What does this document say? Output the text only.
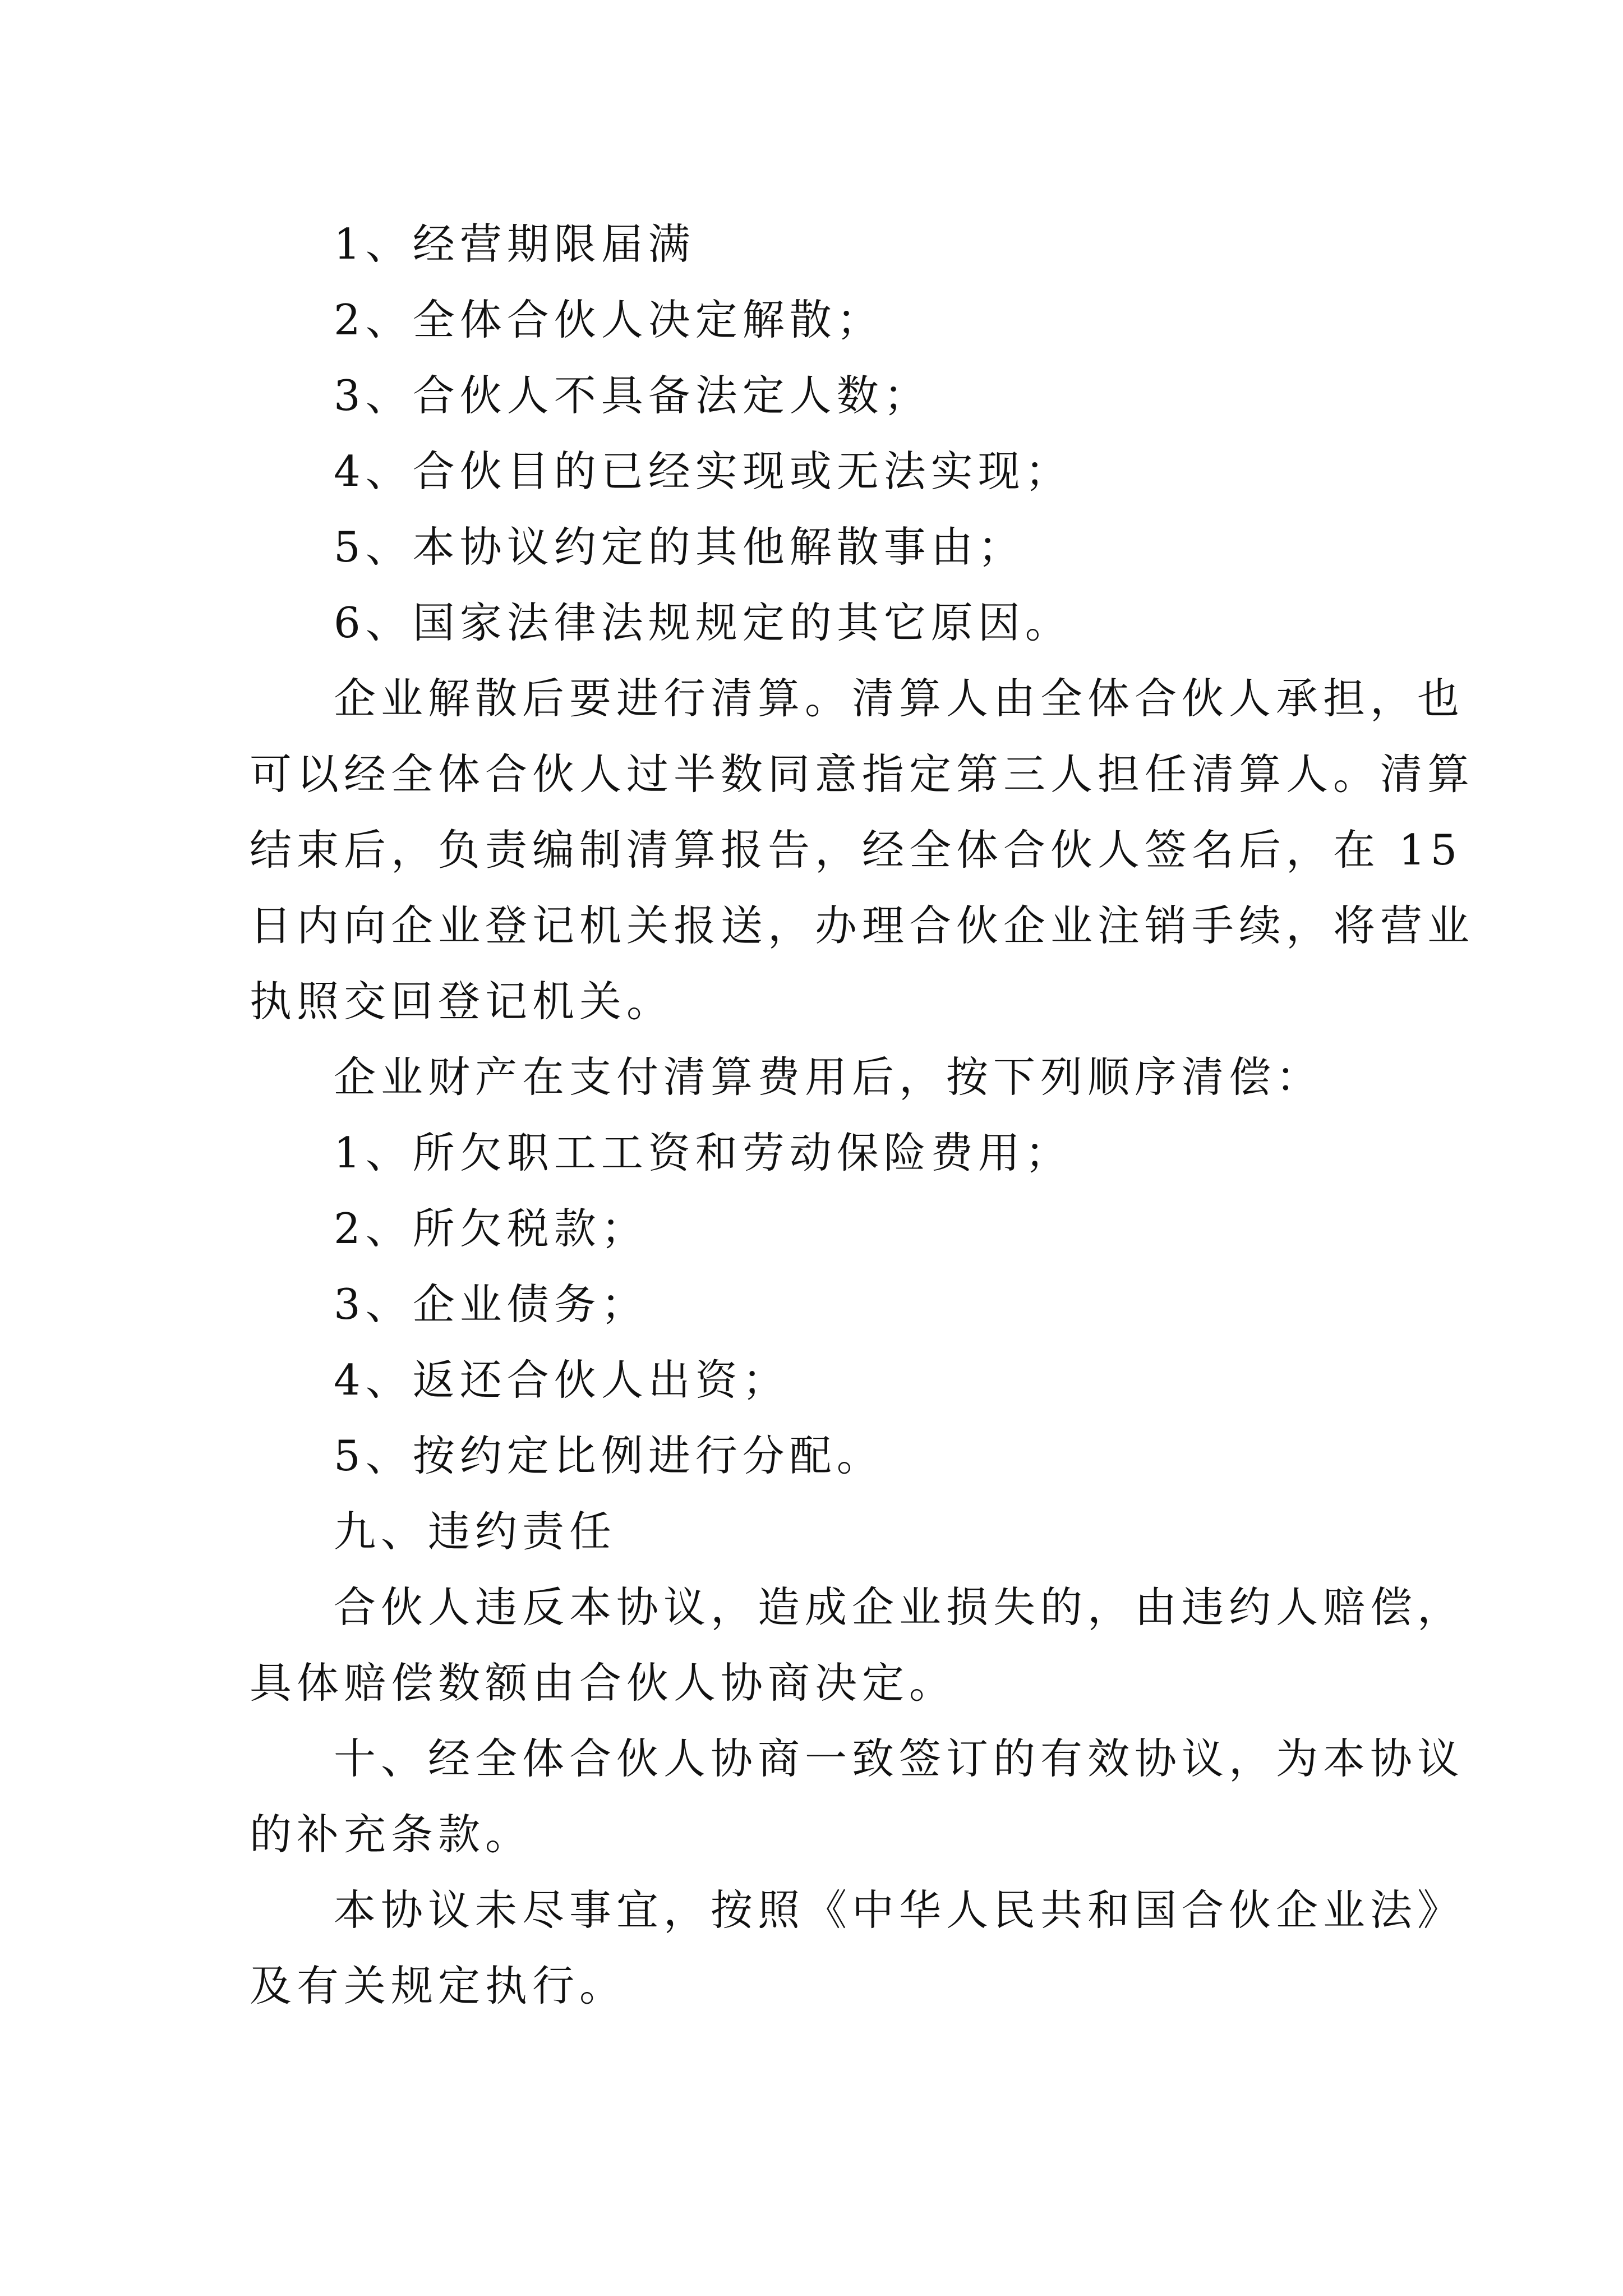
1、经营期限届满
2、全体合伙人决定解散；
3、合伙人不具备法定人数；
4、合伙目的已经实现或无法实现；
5、本协议约定的其他解散事由；
6、国家法律法规规定的其它原因。
企业解散后要进行清算。清算人由全体合伙人承担，也
可以经全体合伙人过半数同意指定第三人担任清算人。清算
结束后，负责编制清算报告，经全体合伙人签名后，在 15
日内向企业登记机关报送，办理合伙企业注销手续，将营业
执照交回登记机关。
企业财产在支付清算费用后，按下列顺序清偿：
1、所欠职工工资和劳动保险费用；
2、所欠税款；
3、企业债务；
4、返还合伙人出资；
5、按约定比例进行分配。
九、违约责任
合伙人违反本协议，造成企业损失的，由违约人赔偿，
具体赔偿数额由合伙人协商决定。
十、经全体合伙人协商一致签订的有效协议，为本协议
的补充条款。
本协议未尽事宜，按照《中华人民共和国合伙企业法》
及有关规定执行。
